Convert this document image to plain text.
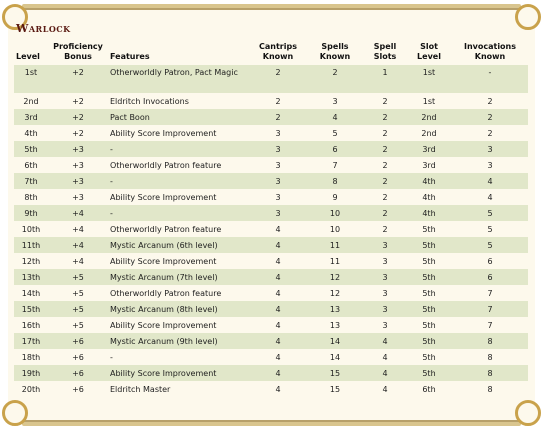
Warlock
Level	Proficiency Bonus	Features	Cantrips Known	Spells Known	Spell Slots	Slot Level	Invocations Known
1st	+2	Otherworldly Patron, Pact Magic	2	2	1	1st	-
2nd	+2	Eldritch Invocations	2	3	2	1st	2
3rd	+2	Pact Boon	2	4	2	2nd	2
4th	+2	Ability Score Improvement	3	5	2	2nd	2
5th	+3	-	3	6	2	3rd	3
6th	+3	Otherworldly Patron feature	3	7	2	3rd	3
7th	+3	-	3	8	2	4th	4
8th	+3	Ability Score Improvement	3	9	2	4th	4
9th	+4	-	3	10	2	4th	5
10th	+4	Otherworldly Patron feature	4	10	2	5th	5
11th	+4	Mystic Arcanum (6th level)	4	11	3	5th	5
12th	+4	Ability Score Improvement	4	11	3	5th	6
13th	+5	Mystic Arcanum (7th level)	4	12	3	5th	6
14th	+5	Otherworldly Patron feature	4	12	3	5th	7
15th	+5	Mystic Arcanum (8th level)	4	13	3	5th	7
16th	+5	Ability Score Improvement	4	13	3	5th	7
17th	+6	Mystic Arcanum (9th level)	4	14	4	5th	8
18th	+6	-	4	14	4	5th	8
19th	+6	Ability Score Improvement	4	15	4	5th	8
20th	+6	Eldritch Master	4	15	4	6th	8
